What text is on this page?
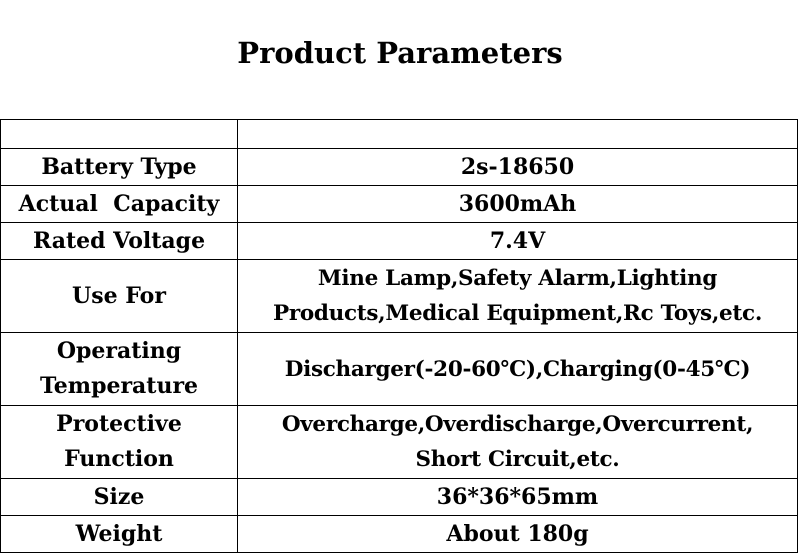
Product Parameters

Battery Type	2s-18650
Actual  Capacity	3600mAh
Rated Voltage	7.4V
Use For	Mine Lamp,Safety Alarm,Lighting
Products,Medical Equipment,Rc Toys,etc.

Operating
Temperature	Discharger(-20-60℃),Charging(0-45℃)

Protective
Function	Overcharge,Overdischarge,Overcurrent,
Short Circuit,etc.

Size	36*36*65mm
Weight	About 180g
